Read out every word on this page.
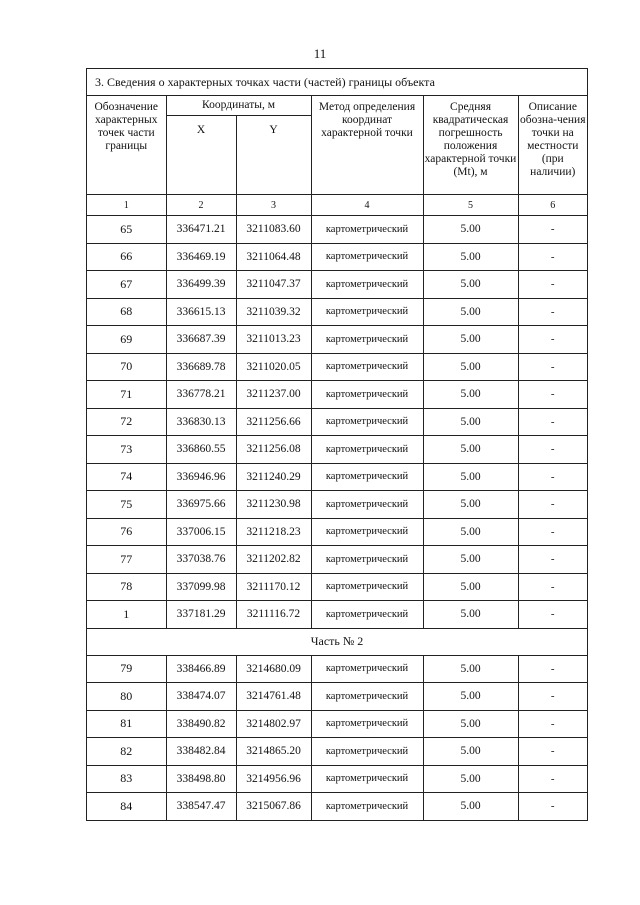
11
3. Сведения о характерных точках части (частей) границы объекта
Обозначение характерных точек части границы	Координаты, м		Метод определения координат характерной точки	Средняя квадратическая погрешность положения характерной точки (Mt), м	Описание обозна-чения точки на местности (при наличии)
	X	Y			
1	2	3	4	5	6
65	336471.21	3211083.60	картометрический	5.00	-
66	336469.19	3211064.48	картометрический	5.00	-
67	336499.39	3211047.37	картометрический	5.00	-
68	336615.13	3211039.32	картометрический	5.00	-
69	336687.39	3211013.23	картометрический	5.00	-
70	336689.78	3211020.05	картометрический	5.00	-
71	336778.21	3211237.00	картометрический	5.00	-
72	336830.13	3211256.66	картометрический	5.00	-
73	336860.55	3211256.08	картометрический	5.00	-
74	336946.96	3211240.29	картометрический	5.00	-
75	336975.66	3211230.98	картометрический	5.00	-
76	337006.15	3211218.23	картометрический	5.00	-
77	337038.76	3211202.82	картометрический	5.00	-
78	337099.98	3211170.12	картометрический	5.00	-
1	337181.29	3211116.72	картометрический	5.00	-
Часть № 2					
79	338466.89	3214680.09	картометрический	5.00	-
80	338474.07	3214761.48	картометрический	5.00	-
81	338490.82	3214802.97	картометрический	5.00	-
82	338482.84	3214865.20	картометрический	5.00	-
83	338498.80	3214956.96	картометрический	5.00	-
84	338547.47	3215067.86	картометрический	5.00	-
